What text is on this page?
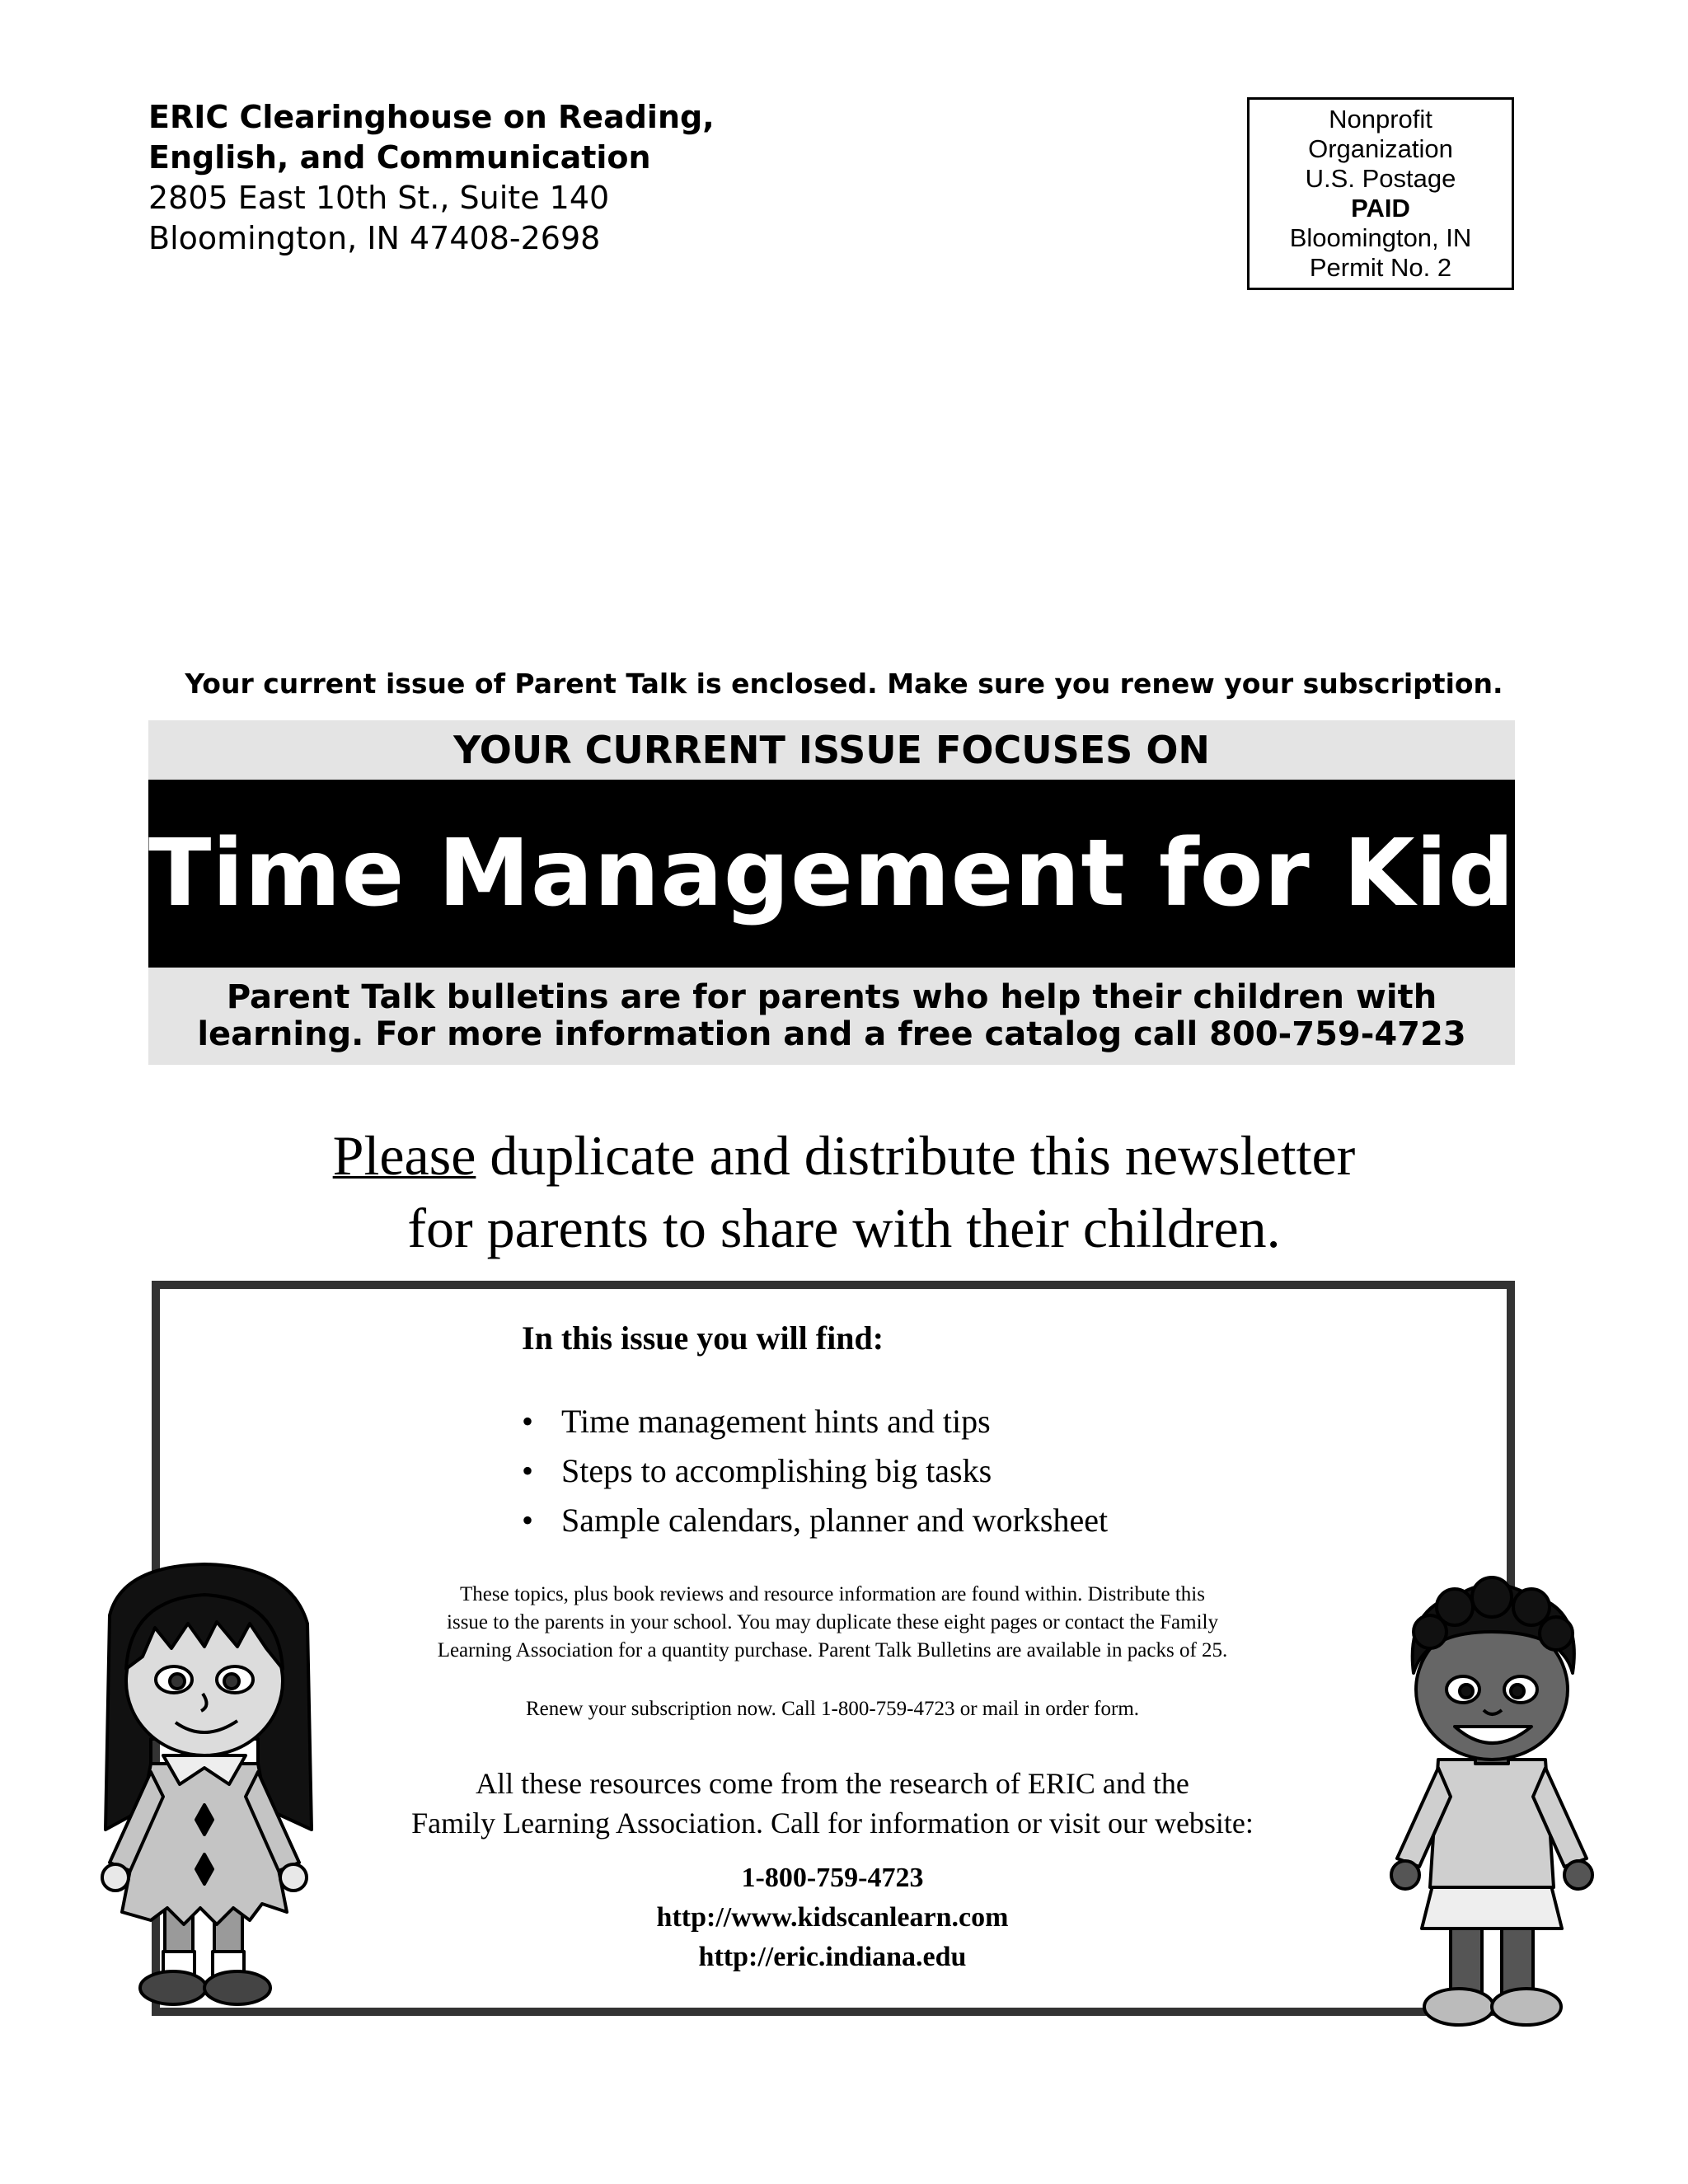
ERIC Clearinghouse on Reading,
English, and Communication
2805 East 10th St., Suite 140
Bloomington, IN 47408-2698
Nonprofit
Organization
U.S. Postage
PAID
Bloomington, IN
Permit No. 2
Your current issue of Parent Talk is enclosed. Make sure you renew your subscription.
YOUR CURRENT ISSUE FOCUSES ON
Time Management for Kids
Parent Talk bulletins are for parents who help their children with
learning. For more information and a free catalog call 800-759-4723
Please duplicate and distribute this newsletter
for parents to share with their children.
In this issue you will find:
• Time management hints and tips
• Steps to accomplishing big tasks
• Sample calendars, planner and worksheet
These topics, plus book reviews and resource information are found within. Distribute this
issue to the parents in your school. You may duplicate these eight pages or contact the Family
Learning Association for a quantity purchase. Parent Talk Bulletins are available in packs of 25.
Renew your subscription now. Call 1-800-759-4723 or mail in order form.
All these resources come from the research of ERIC and the
Family Learning Association. Call for information or visit our website:
1-800-759-4723
http://www.kidscanlearn.com
http://eric.indiana.edu
